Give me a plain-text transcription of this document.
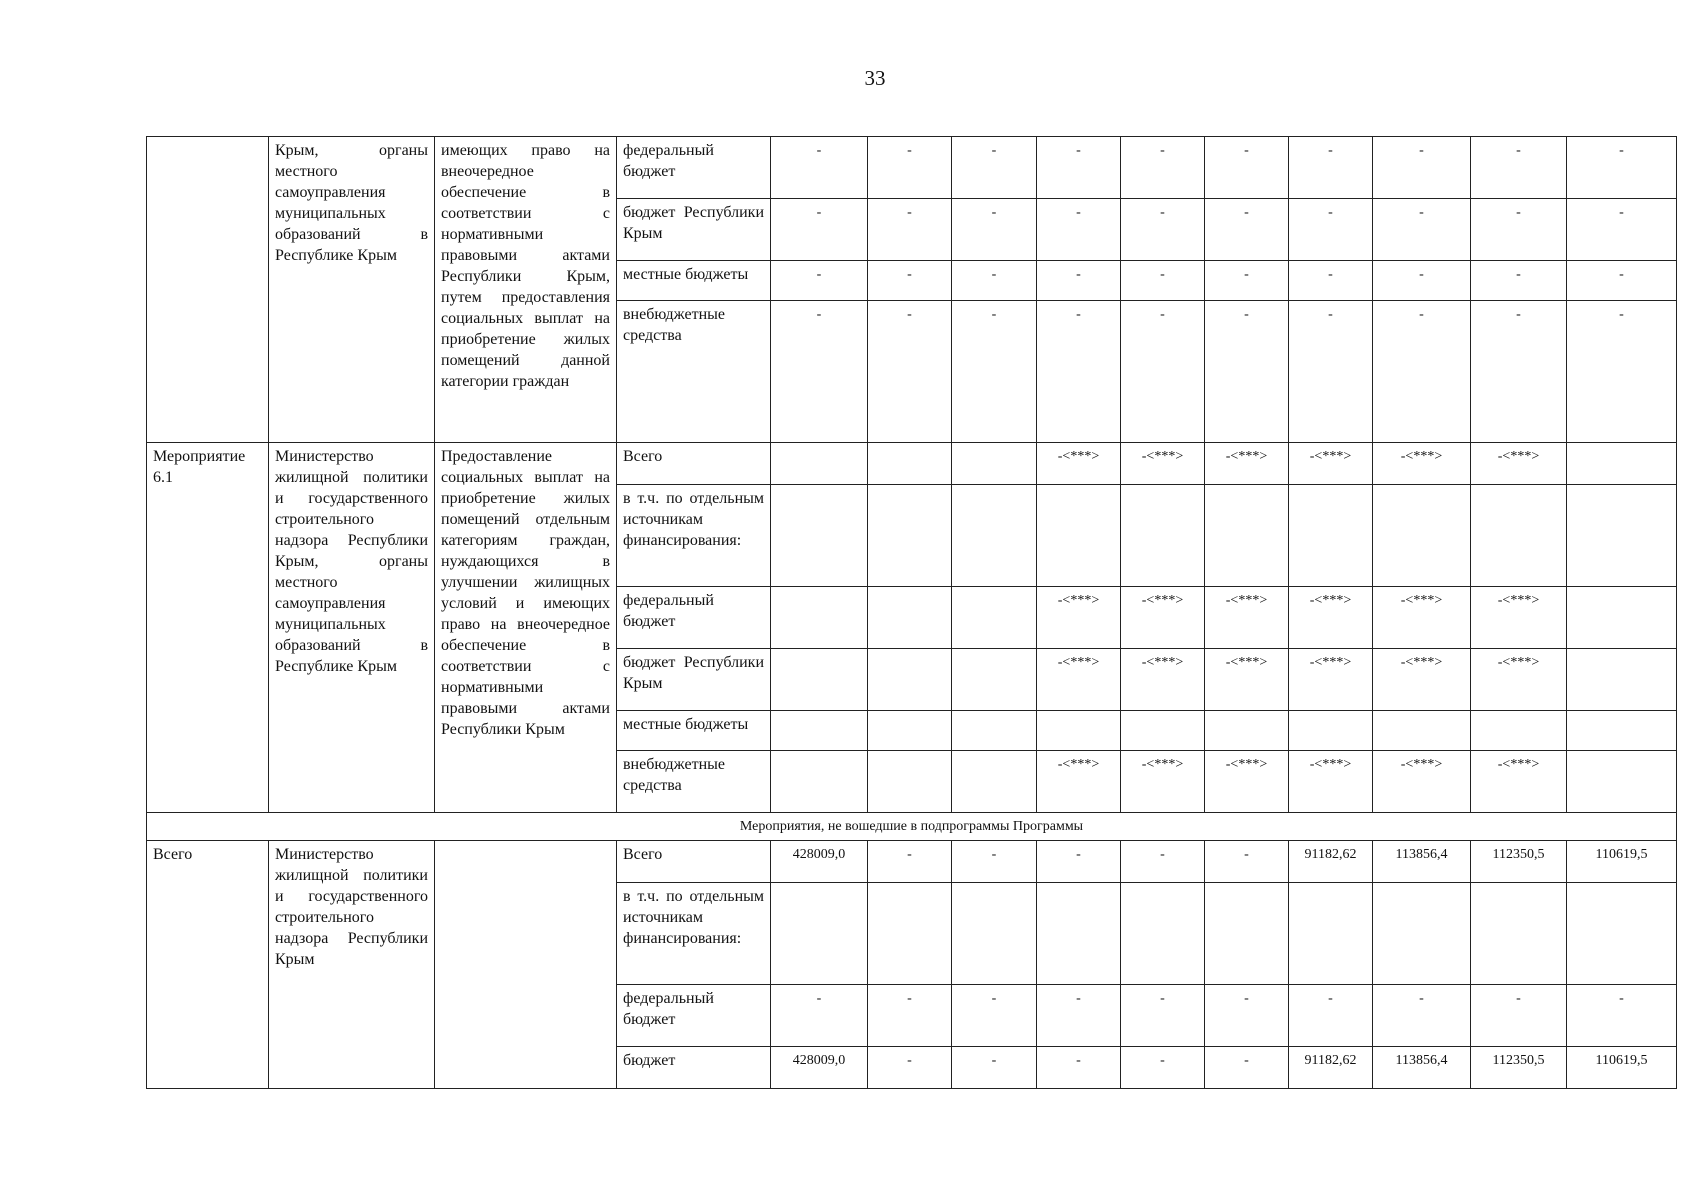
33
	Крым, органы местного самоуправления муниципальных образований в Республике Крым	имеющих право на внеочередное обеспечение в соответствии с нормативными правовыми актами Республики Крым, путем предоставления социальных выплат на приобретение жилых помещений данной категории граждан	федеральный бюджет	-	-	-	-	-	-	-	-	-	-
			бюджет Республики Крым	-	-	-	-	-	-	-	-	-	-
			местные бюджеты	-	-	-	-	-	-	-	-	-	-
			внебюджетные средства	-	-	-	-	-	-	-	-	-	-
Мероприятие 6.1	Министерство жилищной политики и государственного строительного надзора Республики Крым, органы местного самоуправления муниципальных образований в Республике Крым	Предоставление социальных выплат на приобретение жилых помещений отдельным категориям граждан, нуждающихся в улучшении жилищных условий и имеющих право на внеочередное обеспечение в соответствии с нормативными правовыми актами Республики Крым	Всего				-<***>	-<***>	-<***>	-<***>	-<***>	-<***>	
			в т.ч. по отдельным источникам финансирования:										
			федеральный бюджет				-<***>	-<***>	-<***>	-<***>	-<***>	-<***>	
			бюджет Республики Крым				-<***>	-<***>	-<***>	-<***>	-<***>	-<***>	
			местные бюджеты										
			внебюджетные средства				-<***>	-<***>	-<***>	-<***>	-<***>	-<***>	
Мероприятия, не вошедшие в подпрограммы Программы													
Всего	Министерство жилищной политики и государственного строительного надзора Республики Крым		Всего	428009,0	-	-	-	-	-	91182,62	113856,4	112350,5	110619,5
			в т.ч. по отдельным источникам финансирования:										
			федеральный бюджет	-	-	-	-	-	-	-	-	-	-
			бюджет	428009,0	-	-	-	-	-	91182,62	113856,4	112350,5	110619,5
